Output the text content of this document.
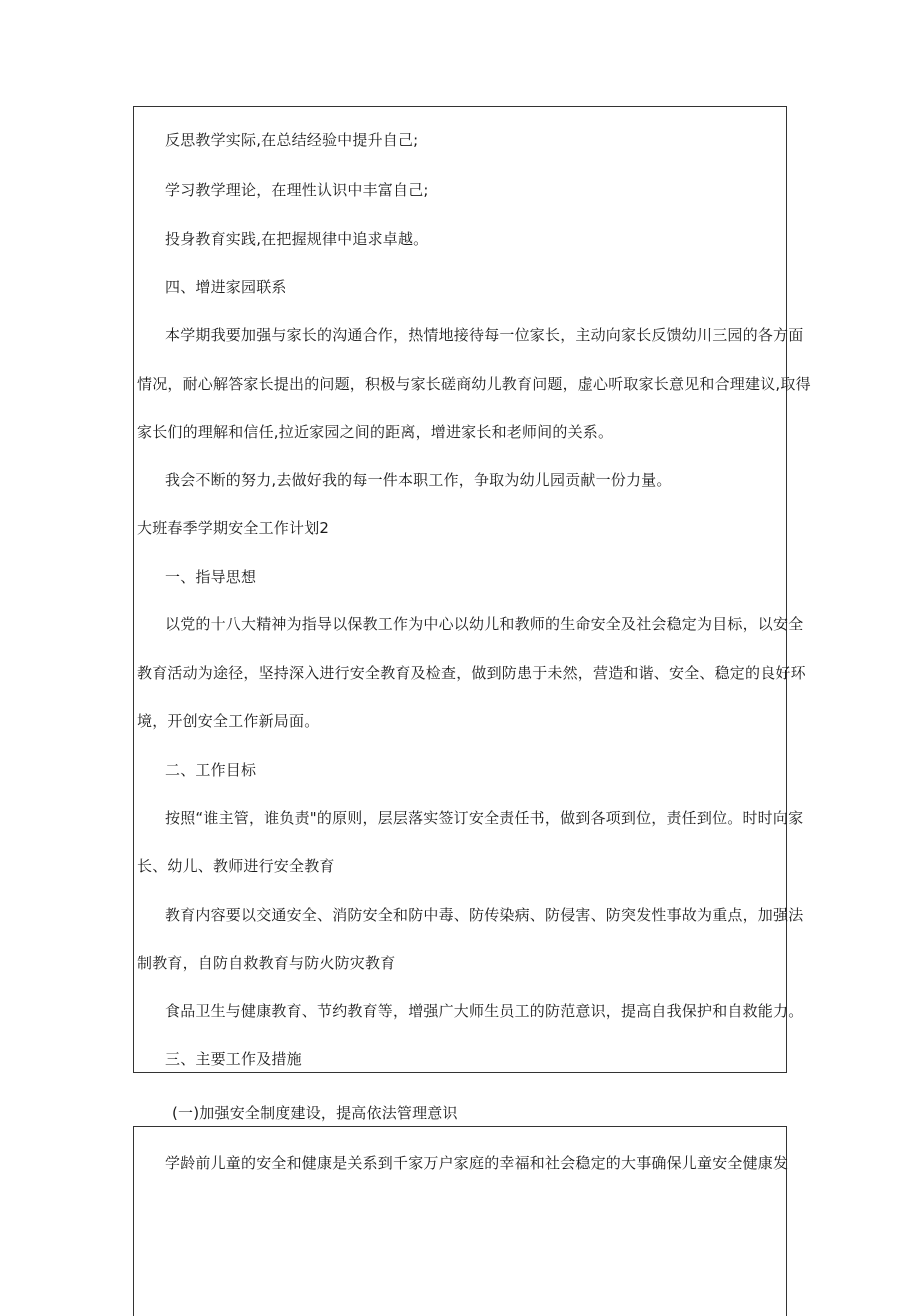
反思教学实际,在总结经验中提升自己;
学习教学理论，在理性认识中丰富自己;
投身教育实践,在把握规律中追求卓越。
四、增进家园联系
本学期我要加强与家长的沟通合作，热情地接待每一位家长，主动向家长反馈幼川三园的各方面
情况，耐心解答家长提出的问题，积极与家长磋商幼儿教育问题，虚心听取家长意见和合理建议,取得
家长们的理解和信任,拉近家园之间的距离，增进家长和老师间的关系。
我会不断的努力,去做好我的每一件本职工作，争取为幼儿园贡献一份力量。
大班春季学期安全工作计划2
一、指导思想
以党的十八大精神为指导以保教工作为中心以幼儿和教师的生命安全及社会稳定为目标，以安全
教育活动为途径，坚持深入进行安全教育及检查，做到防患于未然，营造和谐、安全、稳定的良好环
境，开创安全工作新局面。
二、工作目标
按照“谁主管，谁负责"的原则，层层落实签订安全责任书，做到各项到位，责任到位。时时向家
长、幼儿、教师进行安全教育
教育内容要以交通安全、消防安全和防中毒、防传染病、防侵害、防突发性事故为重点，加强法
制教育，自防自救教育与防火防灾教育
食品卫生与健康教育、节约教育等，增强广大师生员工的防范意识，提高自我保护和自救能力。
三、主要工作及措施
(一)加强安全制度建设，提高依法管理意识
学龄前儿童的安全和健康是关系到千家万户家庭的幸福和社会稳定的大事确保儿童安全健康发
